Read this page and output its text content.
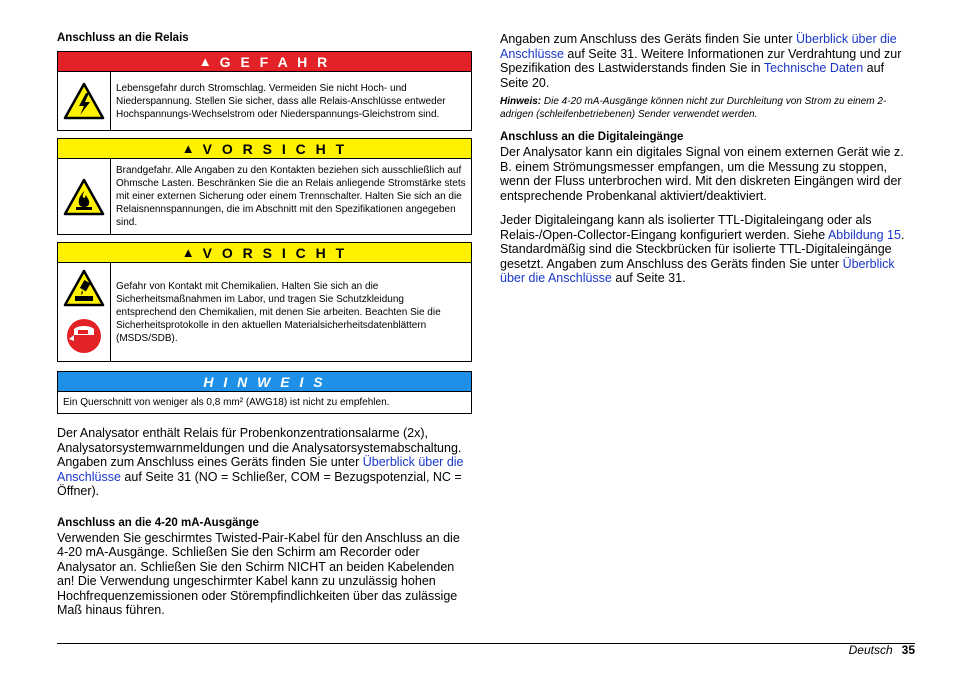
Anschluss an die Relais
▲ G E F A H R
Lebensgefahr durch Stromschlag. Vermeiden Sie nicht Hoch- und Niederspannung. Stellen Sie sicher, dass alle Relais-Anschlüsse entweder Hochspannungs-Wechselstrom oder Niederspannungs-Gleichstrom sind.
▲ V O R S I C H T
Brandgefahr. Alle Angaben zu den Kontakten beziehen sich ausschließlich auf Ohmsche Lasten. Beschränken Sie die an Relais anliegende Stromstärke stets mit einer externen Sicherung oder einem Trennschalter. Halten Sie sich an die Relaisnennspannungen, die im Abschnitt mit den Spezifikationen angegeben sind.
▲ V O R S I C H T
Gefahr von Kontakt mit Chemikalien. Halten Sie sich an die Sicherheitsmaßnahmen im Labor, und tragen Sie Schutzkleidung entsprechend den Chemikalien, mit denen Sie arbeiten. Beachten Sie die Sicherheitsprotokolle in den aktuellen Materialsicherheitsdatenblättern (MSDS/SDB).
H I N W E I S
Ein Querschnitt von weniger als 0,8 mm² (AWG18) ist nicht zu empfehlen.

Der Analysator enthält Relais für Probenkonzentrationsalarme (2x), Analysatorsystemwarnmeldungen und die Analysatorsystemabschaltung. Angaben zum Anschluss eines Geräts finden Sie unter Überblick über die Anschlüsse auf Seite 31 (NO = Schließer, COM = Bezugspotenzial, NC = Öffner).

Anschluss an die 4-20 mA-Ausgänge

Verwenden Sie geschirmtes Twisted-Pair-Kabel für den Anschluss an die 4-20 mA-Ausgänge. Schließen Sie den Schirm am Recorder oder Analysator an. Schließen Sie den Schirm NICHT an beiden Kabelenden an! Die Verwendung ungeschirmter Kabel kann zu unzulässig hohen Hochfrequenzemissionen oder Störempfindlichkeiten über das zulässige Maß hinaus führen.

Angaben zum Anschluss des Geräts finden Sie unter Überblick über die Anschlüsse auf Seite 31. Weitere Informationen zur Verdrahtung und zur Spezifikation des Lastwiderstands finden Sie in Technische Daten auf Seite 20.

Hinweis: Die 4-20 mA-Ausgänge können nicht zur Durchleitung von Strom zu einem 2-adrigen (schleifenbetriebenen) Sender verwendet werden.

Anschluss an die Digitaleingänge

Der Analysator kann ein digitales Signal von einem externen Gerät wie z. B. einem Strömungsmesser empfangen, um die Messung zu stoppen, wenn der Fluss unterbrochen wird. Mit den diskreten Eingängen wird der entsprechende Probenkanal aktiviert/deaktiviert.

Jeder Digitaleingang kann als isolierter TTL-Digitaleingang oder als Relais-/Open-Collector-Eingang konfiguriert werden. Siehe Abbildung 15. Standardmäßig sind die Steckbrücken für isolierte TTL-Digitaleingänge gesetzt. Angaben zum Anschluss des Geräts finden Sie unter Überblick über die Anschlüsse auf Seite 31.

Deutsch 35
